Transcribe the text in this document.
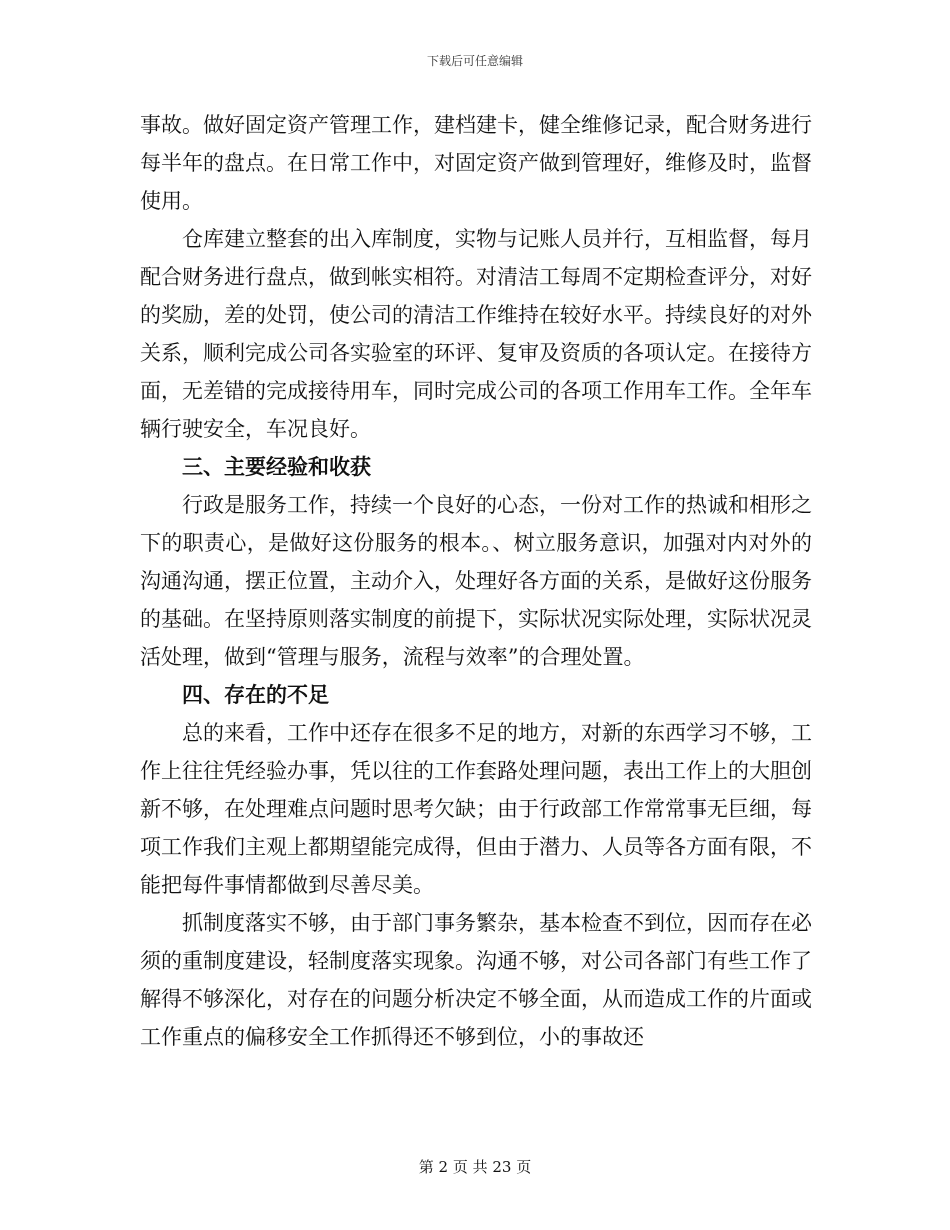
下载后可任意编辑

事故。做好固定资产管理工作，建档建卡，健全维修记录，配合财务进行每半年的盘点。在日常工作中，对固定资产做到管理好，维修及时，监督使用。

仓库建立整套的出入库制度，实物与记账人员并行，互相监督，每月配合财务进行盘点，做到帐实相符。对清洁工每周不定期检查评分，对好的奖励，差的处罚，使公司的清洁工作维持在较好水平。持续良好的对外关系，顺利完成公司各实验室的环评、复审及资质的各项认定。在接待方面，无差错的完成接待用车，同时完成公司的各项工作用车工作。全年车辆行驶安全，车况良好。

三、主要经验和收获

行政是服务工作，持续一个良好的心态，一份对工作的热诚和相形之下的职责心，是做好这份服务的根本。、树立服务意识，加强对内对外的沟通沟通，摆正位置，主动介入，处理好各方面的关系，是做好这份服务的基础。在坚持原则落实制度的前提下，实际状况实际处理，实际状况灵活处理，做到“管理与服务，流程与效率”的合理处置。

四、存在的不足

总的来看，工作中还存在很多不足的地方，对新的东西学习不够，工作上往往凭经验办事，凭以往的工作套路处理问题，表出工作上的大胆创新不够，在处理难点问题时思考欠缺；由于行政部工作常常事无巨细，每项工作我们主观上都期望能完成得，但由于潜力、人员等各方面有限，不能把每件事情都做到尽善尽美。

抓制度落实不够，由于部门事务繁杂，基本检查不到位，因而存在必须的重制度建设，轻制度落实现象。沟通不够，对公司各部门有些工作了解得不够深化，对存在的问题分析决定不够全面，从而造成工作的片面或工作重点的偏移安全工作抓得还不够到位，小的事故还

第 2 页 共 23 页
